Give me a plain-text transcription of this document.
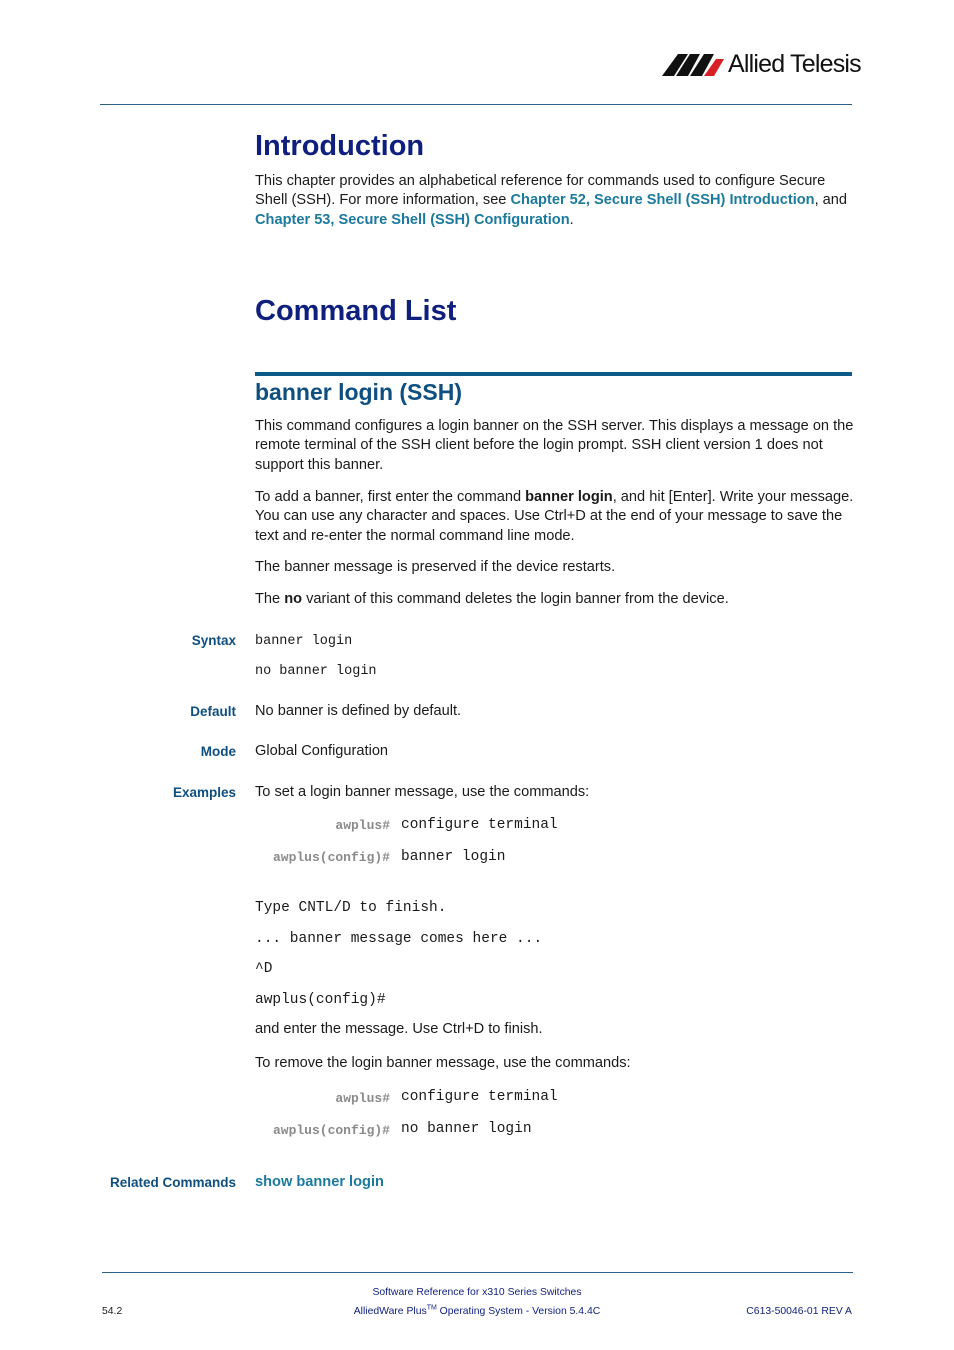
Allied Telesis
Introduction

This chapter provides an alphabetical reference for commands used to configure Secure Shell (SSH). For more information, see Chapter 52, Secure Shell (SSH) Introduction, and Chapter 53, Secure Shell (SSH) Configuration.

Command List
banner login (SSH)

This command configures a login banner on the SSH server. This displays a message on the remote terminal of the SSH client before the login prompt. SSH client version 1 does not support this banner.

To add a banner, first enter the command banner login, and hit [Enter]. Write your message. You can use any character and spaces. Use Ctrl+D at the end of your message to save the text and re-enter the normal command line mode.

The banner message is preserved if the device restarts.

The no variant of this command deletes the login banner from the device.

Syntax banner login
no banner login
Default No banner is defined by default.

Mode Global Configuration

Examples To set a login banner message, use the commands:

awplus# configure terminal
awplus(config)# banner login
Type CNTL/D to finish.
... banner message comes here ...
^D
awplus(config)#

and enter the message. Use Ctrl+D to finish.

To remove the login banner message, use the commands:

awplus# configure terminal
awplus(config)# no banner login
Related Commands show banner login

Software Reference for x310 Series Switches
AlliedWare Plus™ Operating System - Version 5.4.4C
54.2	C613-50046-01 REV A
